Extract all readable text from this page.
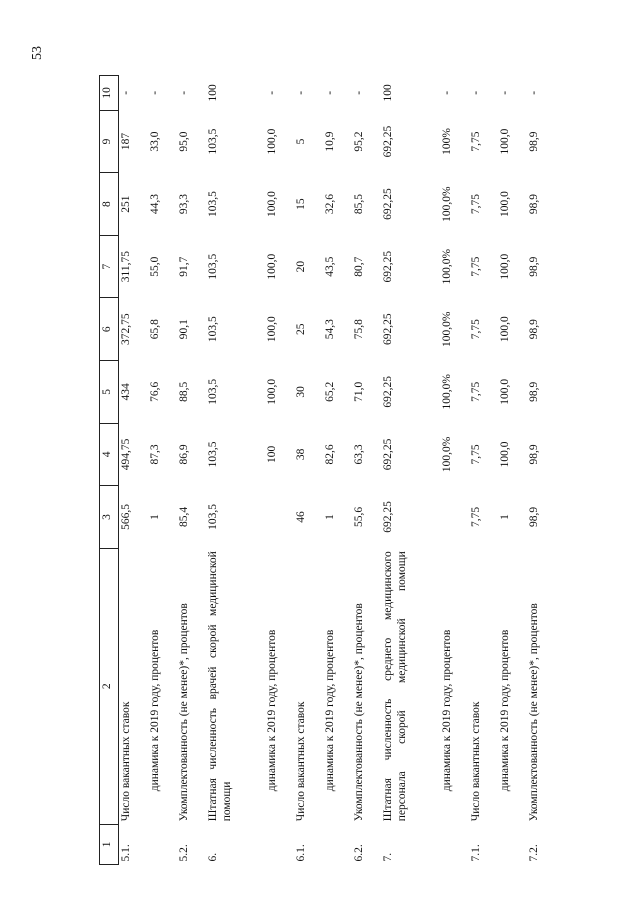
53
1	2	3	4	5	6	7	8	9	10
5.1.	Число вакантных ставок	566,5	494,75	434	372,75	311,75	251	187	-
	динамика к 2019 году, процентов	1	87,3	76,6	65,8	55,0	44,3	33,0	-
5.2.	Укомплектованность (не менее)*, процентов	85,4	86,9	88,5	90,1	91,7	93,3	95,0	-
6.	Штатная численность врачей скорой медицинской помощи	103,5	103,5	103,5	103,5	103,5	103,5	103,5	100
	динамика к 2019 году, процентов		100	100,0	100,0	100,0	100,0	100,0	-
6.1.	Число вакантных ставок	46	38	30	25	20	15	5	-
	динамика к 2019 году, процентов	1	82,6	65,2	54,3	43,5	32,6	10,9	-
6.2.	Укомплектованность (не менее)*, процентов	55,6	63,3	71,0	75,8	80,7	85,5	95,2	-
7.	Штатная численность среднего медицинского персонала скорой медицинской помощи	692,25	692,25	692,25	692,25	692,25	692,25	692,25	100
	динамика к 2019 году, процентов		100,0%	100,0%	100,0%	100,0%	100,0%	100%	-
7.1.	Число вакантных ставок	7,75	7,75	7,75	7,75	7,75	7,75	7,75	-
	динамика к 2019 году, процентов	1	100,0	100,0	100,0	100,0	100,0	100,0	-
7.2.	Укомплектованность (не менее)*, процентов	98,9	98,9	98,9	98,9	98,9	98,9	98,9	-
